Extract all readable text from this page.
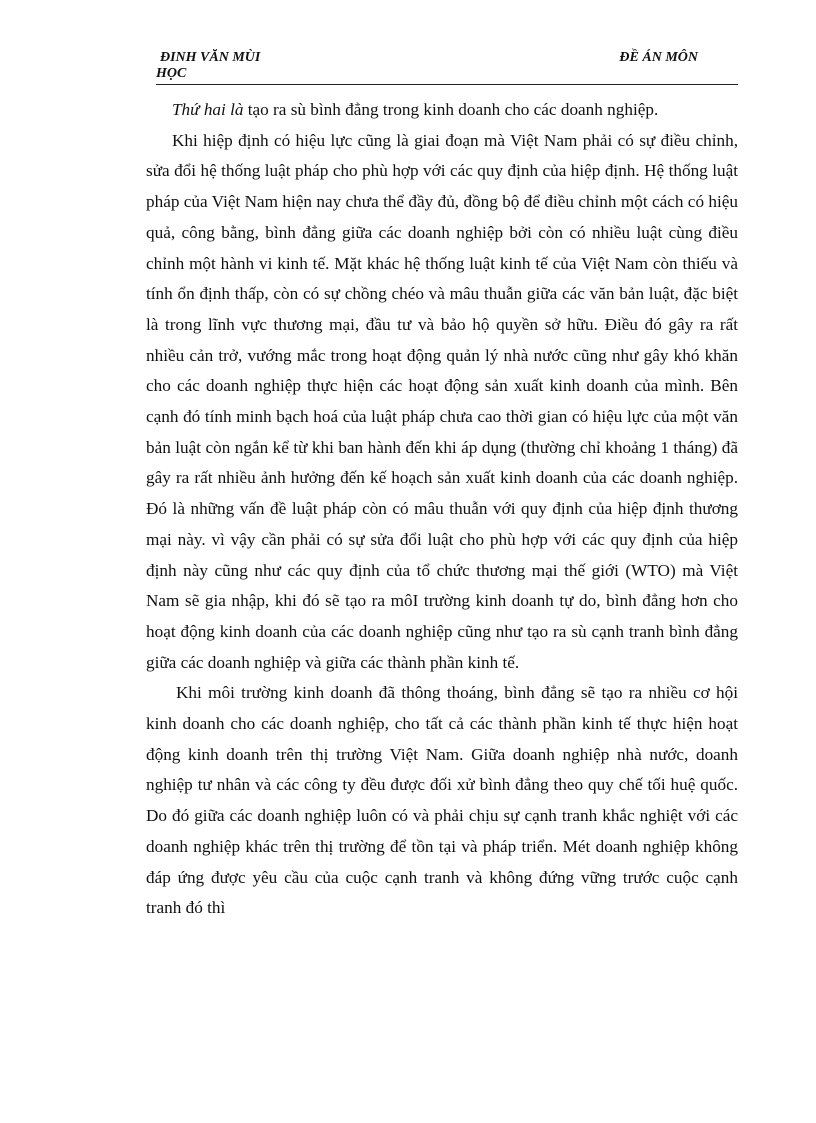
ĐINH VĂN MÙI
HỌC
ĐỀ ÁN MÔN

Thứ hai là tạo ra sù bình đẳng trong kinh doanh cho các doanh nghiệp.

Khi hiệp định có hiệu lực cũng là giai đoạn mà Việt Nam phải có sự điều chỉnh, sửa đổi hệ thống luật pháp cho phù hợp với các quy định của hiệp định. Hệ thống luật pháp của Việt Nam hiện nay chưa thể đầy đủ, đồng bộ để điều chỉnh một cách có hiệu quả, công bằng, bình đẳng giữa các doanh nghiệp bởi còn có nhiều luật cùng điều chỉnh một hành vi kinh tế. Mặt khác hệ thống luật kinh tế của Việt Nam còn thiếu và tính ổn định thấp, còn có sự chồng chéo và mâu thuẫn giữa các văn bản luật, đặc biệt là trong lĩnh vực thương mại, đầu tư và bảo hộ quyền sở hữu. Điều đó gây ra rất nhiều cản trở, vướng mắc trong hoạt động quản lý nhà nước cũng như gây khó khăn cho các doanh nghiệp thực hiện các hoạt động sản xuất kinh doanh của mình. Bên cạnh đó tính minh bạch hoá của luật pháp chưa cao thời gian có hiệu lực của một văn bản luật còn ngắn kể từ khi ban hành đến khi áp dụng (thường chỉ khoảng 1 tháng) đã gây ra rất nhiều ảnh hưởng đến kế hoạch sản xuất kinh doanh của các doanh nghiệp. Đó là những vấn đề luật pháp còn có mâu thuẫn với quy định của hiệp định thương mại này. vì vậy cần phải có sự sửa đổi luật cho phù hợp với các quy định của hiệp định này cũng như các quy định của tổ chức thương mại thế giới (WTO) mà Việt Nam sẽ gia nhập, khi đó sẽ tạo ra môI trường kinh doanh tự do, bình đẳng hơn cho hoạt động kinh doanh của các doanh nghiệp cũng như tạo ra sù cạnh tranh bình đẳng giữa các doanh nghiệp và giữa các thành phần kinh tế.

Khi môi trường kinh doanh đã thông thoáng, bình đẳng sẽ tạo ra nhiều cơ hội kinh doanh cho các doanh nghiệp, cho tất cả các thành phần kinh tế thực hiện hoạt động kinh doanh trên thị trường Việt Nam. Giữa doanh nghiệp nhà nước, doanh nghiệp tư nhân và các công ty đều được đối xử bình đẳng theo quy chế tối huệ quốc. Do đó giữa các doanh nghiệp luôn có và phải chịu sự cạnh tranh khắc nghiệt với các doanh nghiệp khác trên thị trường để tồn tại và pháp triển. Mét doanh nghiệp không đáp ứng được yêu cầu của cuộc cạnh tranh và không đứng vững trước cuộc cạnh tranh đó thì
